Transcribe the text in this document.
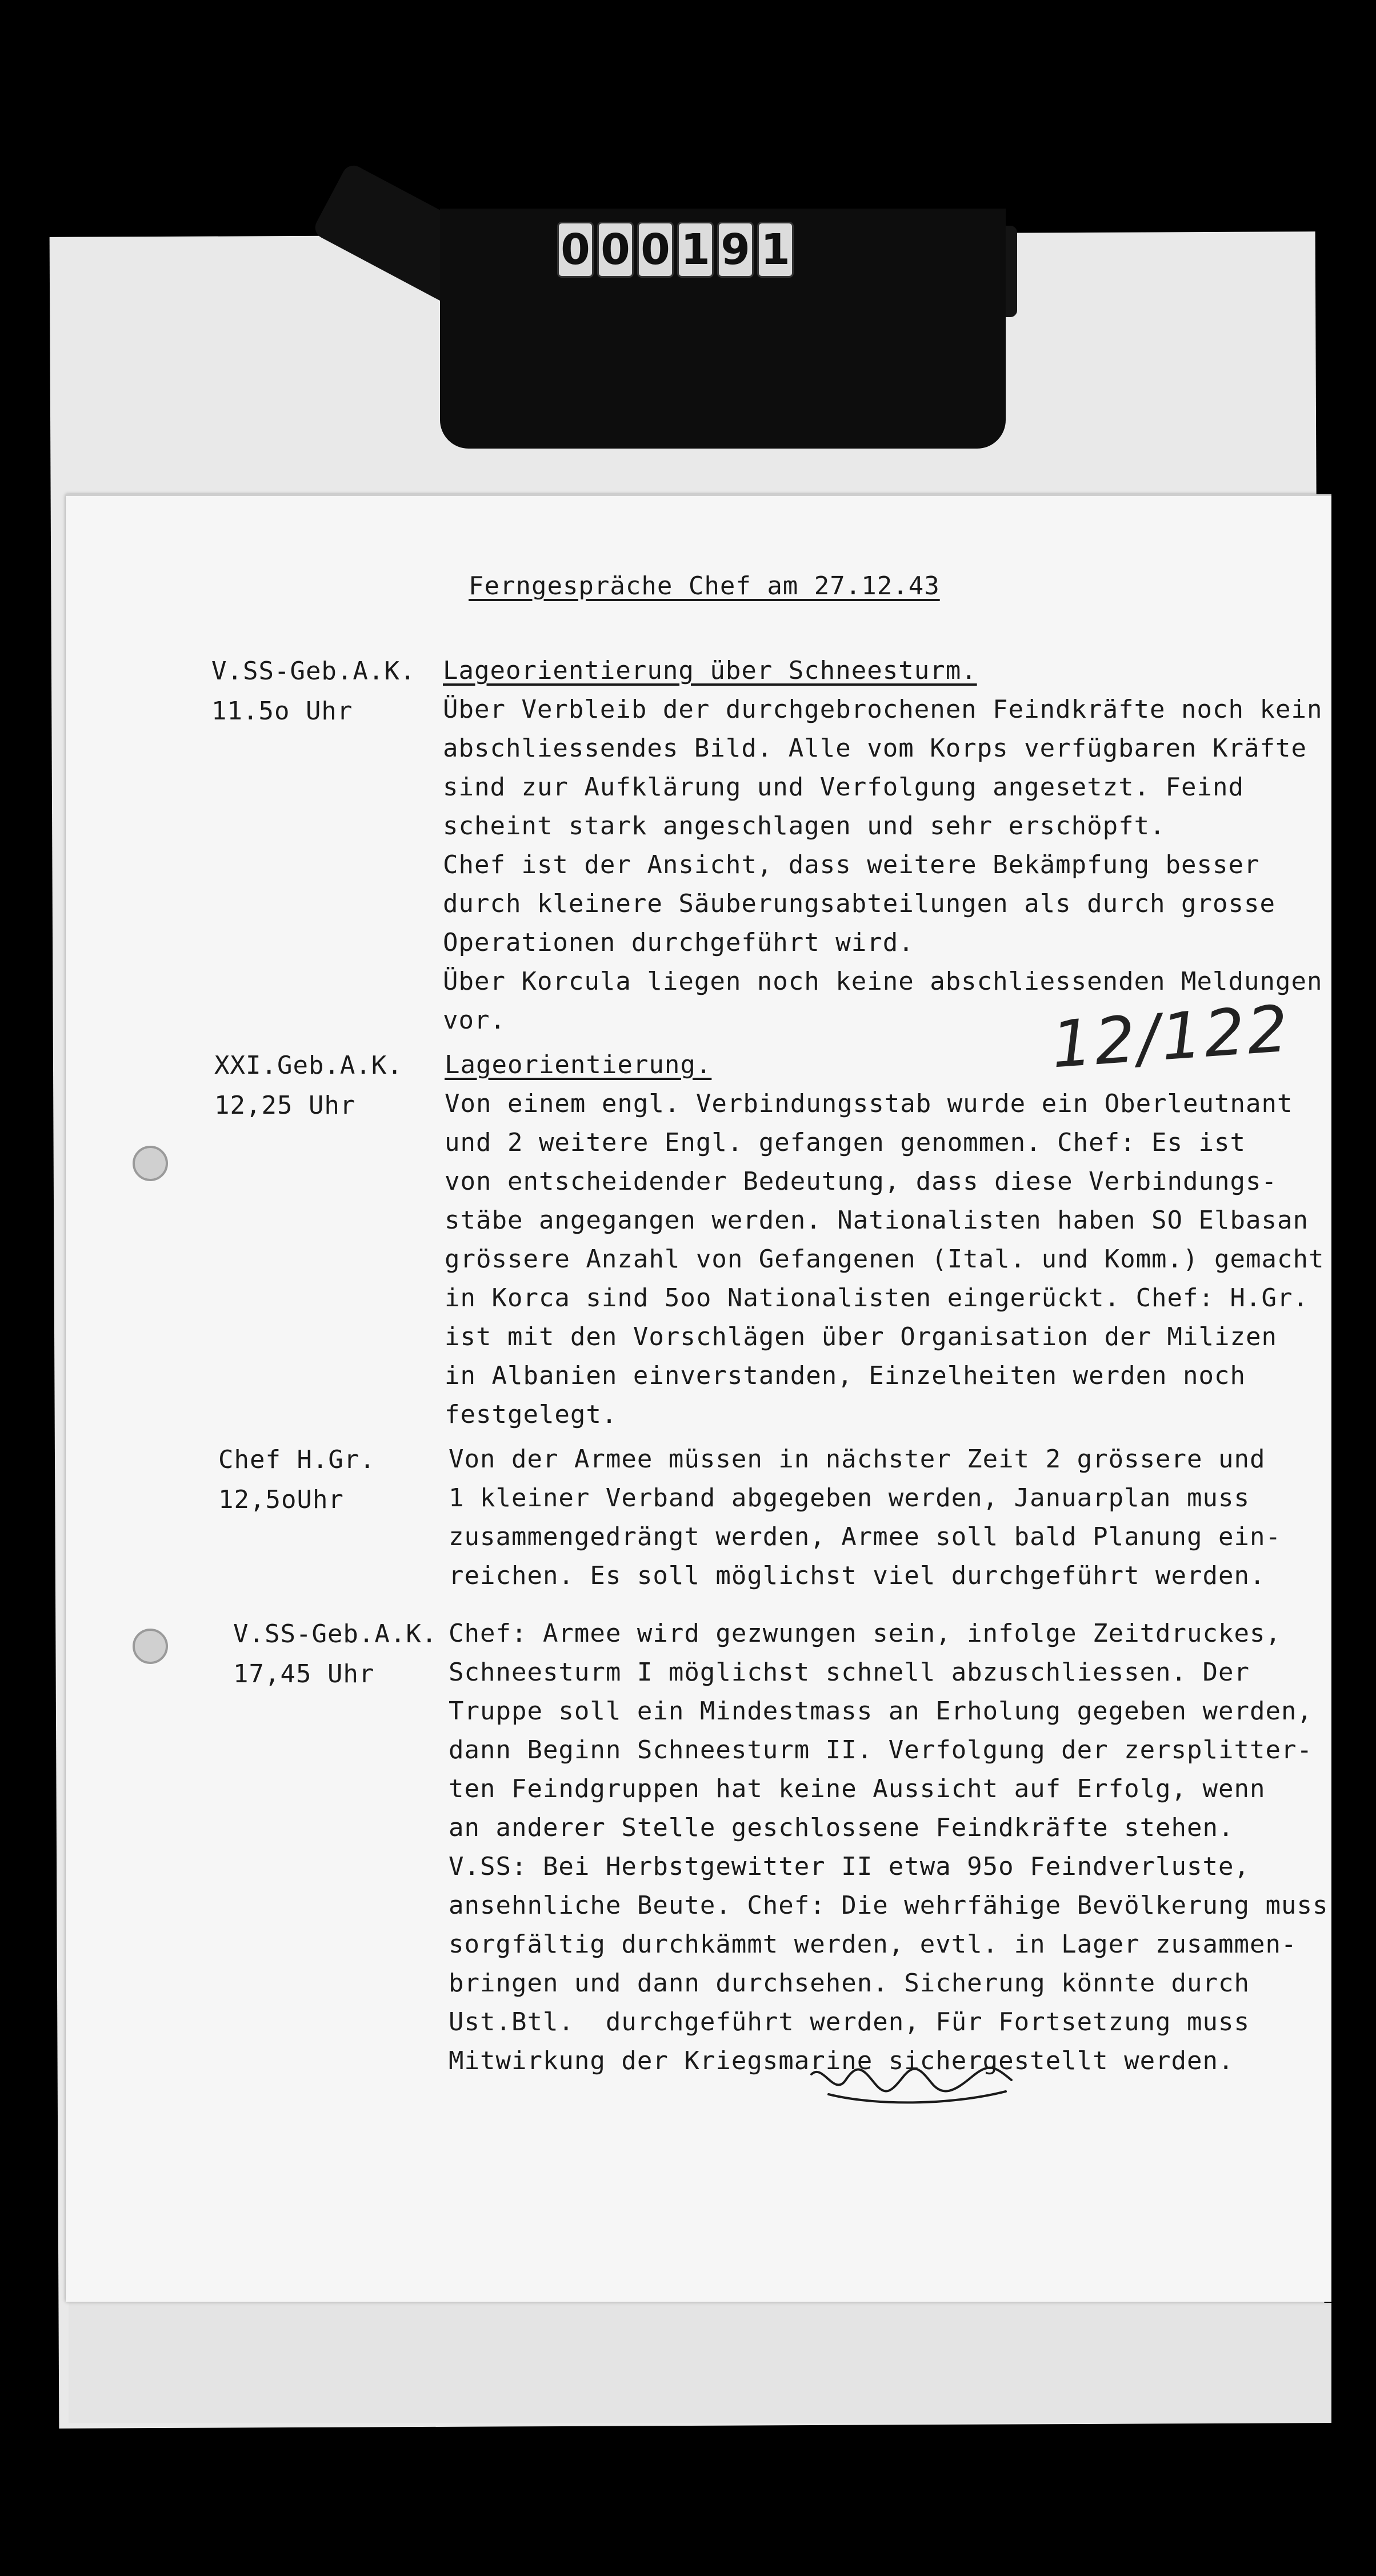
0 0 0 1 9 1
Ferngespräche Chef am 27.12.43
V.SS-Geb.A.K.
11.5o Uhr
Lageorientierung über Schneesturm.
Über Verbleib der durchgebrochenen Feindkräfte noch kein
abschliessendes Bild. Alle vom Korps verfügbaren Kräfte
sind zur Aufklärung und Verfolgung angesetzt. Feind
scheint stark angeschlagen und sehr erschöpft.
Chef ist der Ansicht, dass weitere Bekämpfung besser
durch kleinere Säuberungsabteilungen als durch grosse
Operationen durchgeführt wird.
Über Korcula liegen noch keine abschliessenden Meldungen
vor.
XXI.Geb.A.K.
12,25 Uhr
Lageorientierung.
Von einem engl. Verbindungsstab wurde ein Oberleutnant
und 2 weitere Engl. gefangen genommen. Chef: Es ist
von entscheidender Bedeutung, dass diese Verbindungs-
stäbe angegangen werden. Nationalisten haben SO Elbasan
grössere Anzahl von Gefangenen (Ital. und Komm.) gemacht
in Korca sind 5oo Nationalisten eingerückt. Chef: H.Gr.
ist mit den Vorschlägen über Organisation der Milizen
in Albanien einverstanden, Einzelheiten werden noch
festgelegt.
Chef H.Gr.
12,5oUhr
Von der Armee müssen in nächster Zeit 2 grössere und
1 kleiner Verband abgegeben werden, Januarplan muss
zusammengedrängt werden, Armee soll bald Planung ein-
reichen. Es soll möglichst viel durchgeführt werden.
V.SS-Geb.A.K.
17,45 Uhr
Chef: Armee wird gezwungen sein, infolge Zeitdruckes,
Schneesturm I möglichst schnell abzuschliessen. Der
Truppe soll ein Mindestmass an Erholung gegeben werden,
dann Beginn Schneesturm II. Verfolgung der zersplitter-
ten Feindgruppen hat keine Aussicht auf Erfolg, wenn
an anderer Stelle geschlossene Feindkräfte stehen.
V.SS: Bei Herbstgewitter II etwa 95o Feindverluste,
ansehnliche Beute. Chef: Die wehrfähige Bevölkerung muss
sorgfältig durchkämmt werden, evtl. in Lager zusammen-
bringen und dann durchsehen. Sicherung könnte durch
Ust.Btl.  durchgeführt werden, Für Fortsetzung muss
Mitwirkung der Kriegsmarine sichergestellt werden.
12/122
